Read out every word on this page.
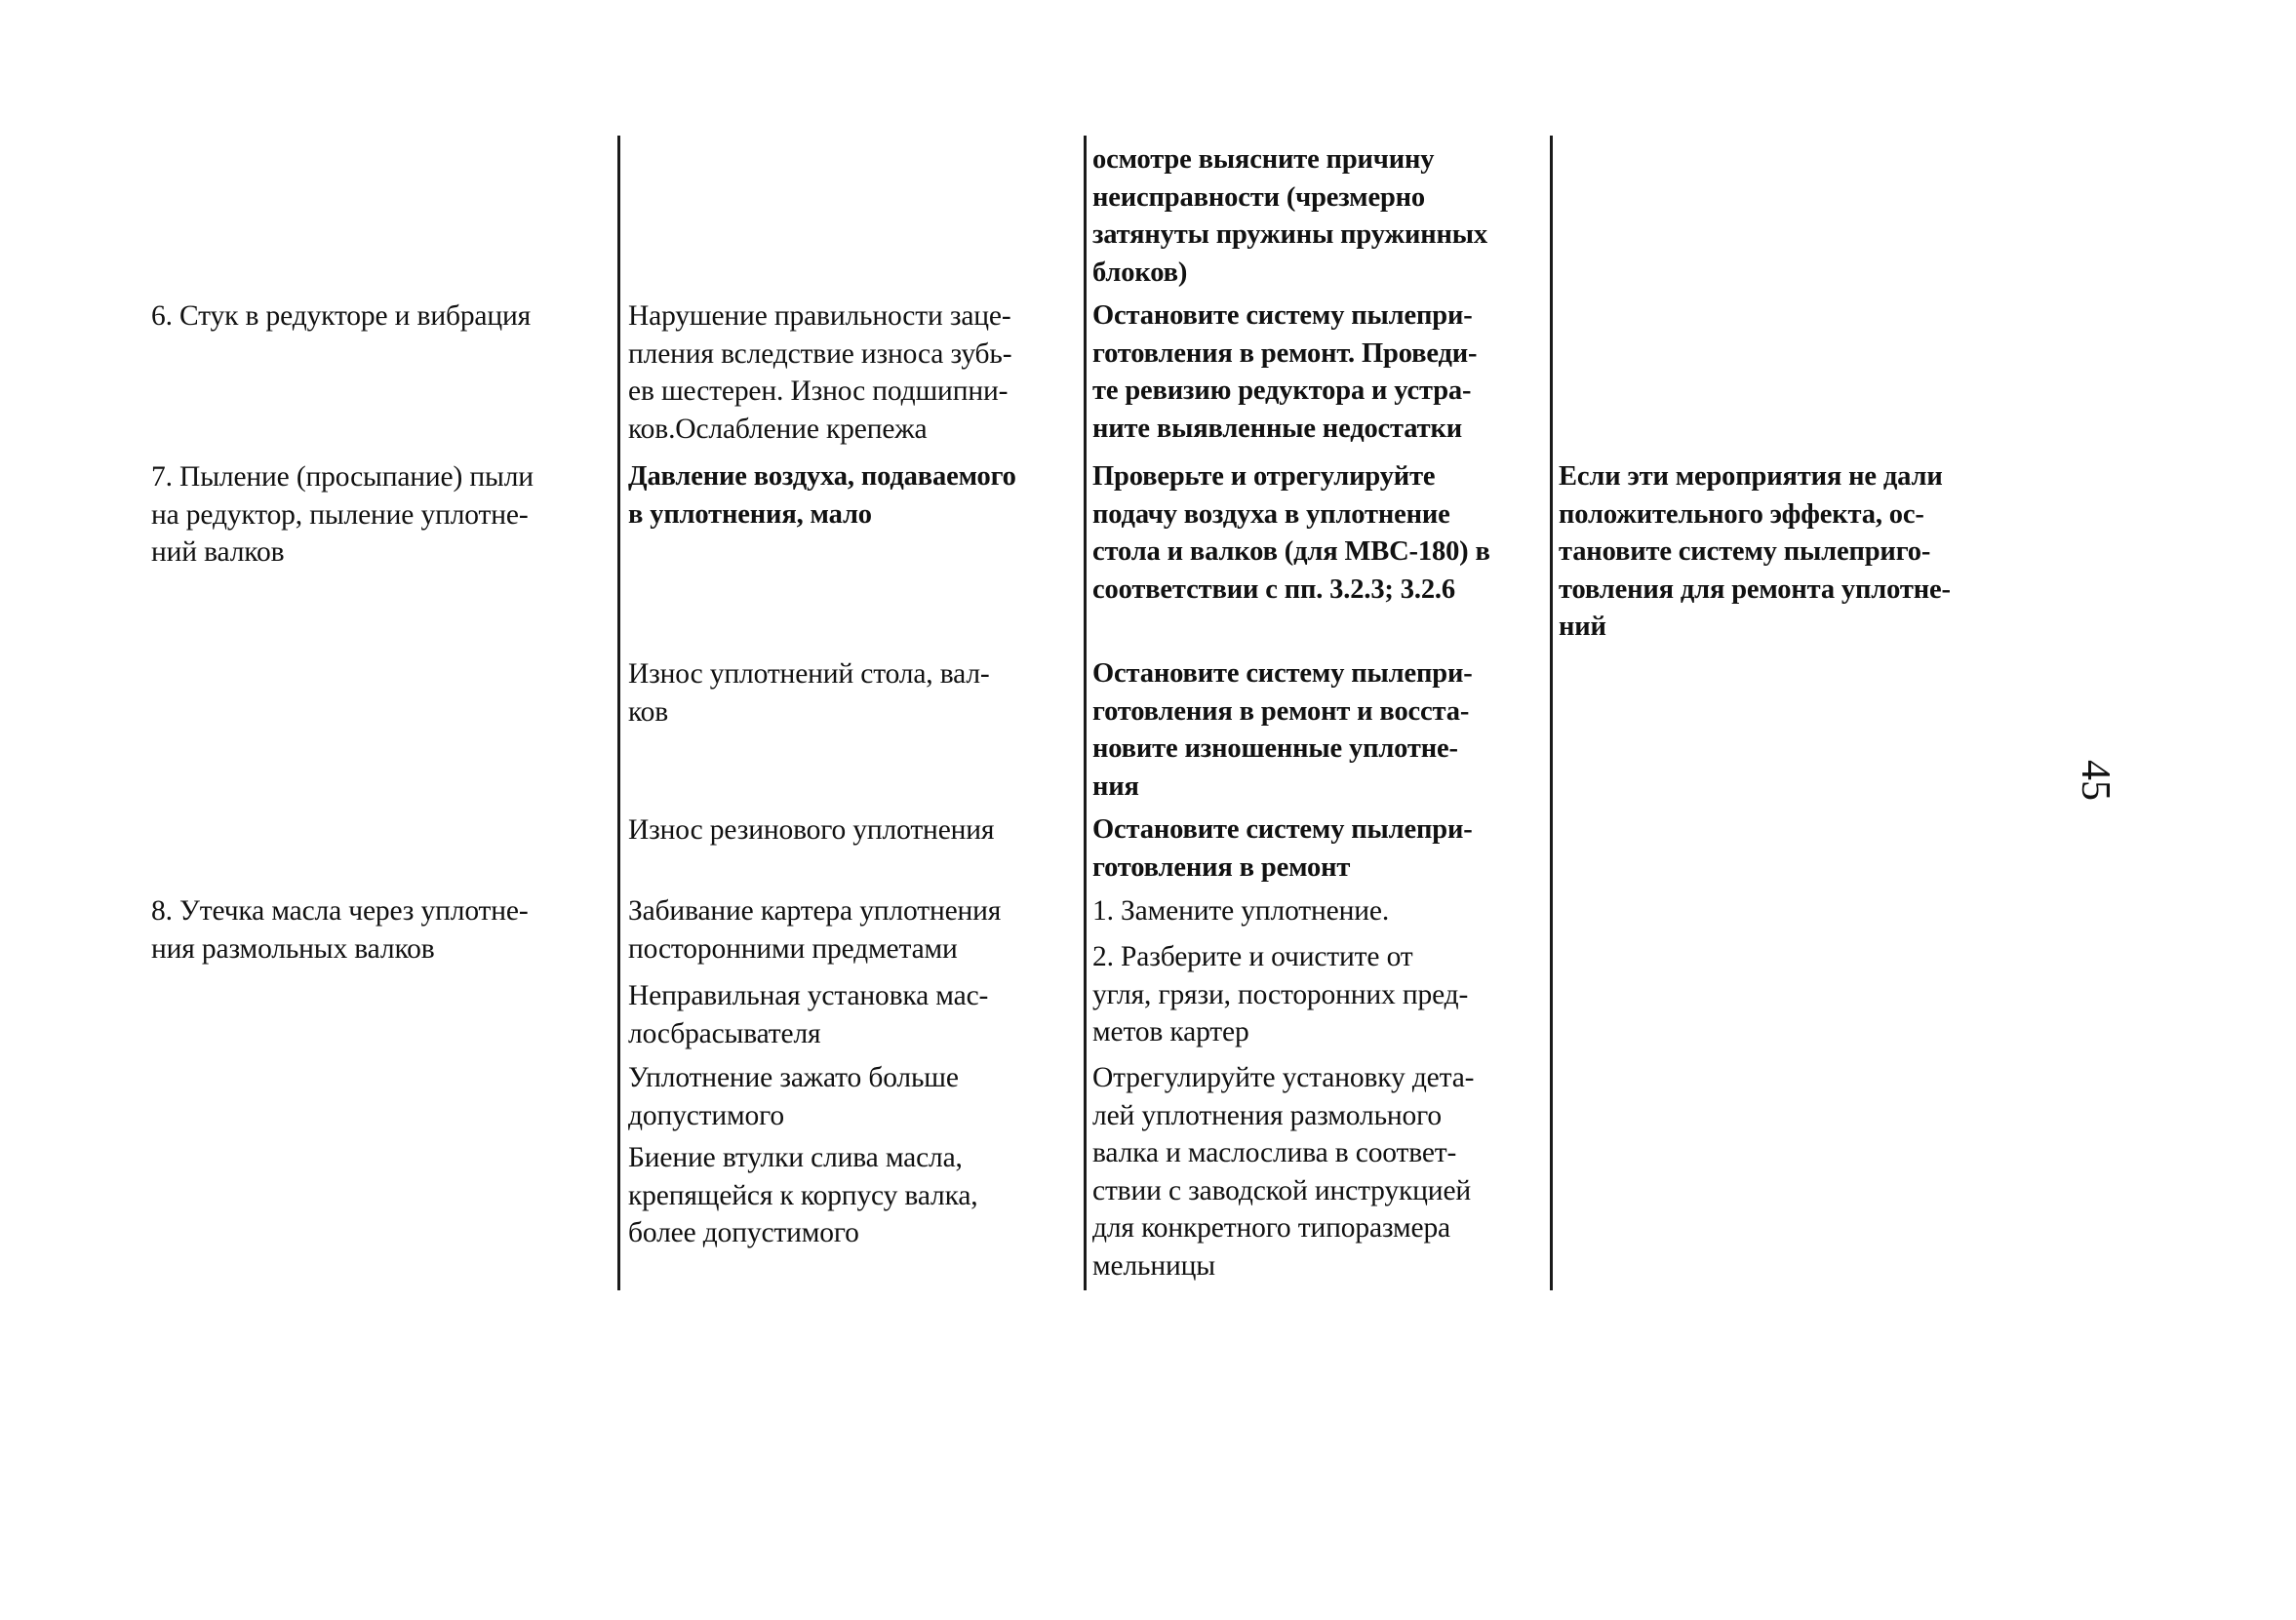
6. Стук в редукторе и вибрация
7. Пыление (просыпание) пыли
на редуктор, пыление уплотне-
ний валков
8. Утечка масла через уплотне-
ния размольных валков
Нарушение правильности заце-
пления вследствие износа зубь-
ев шестерен. Износ подшипни-
ков.Ослабление крепежа
Давление воздуха, подаваемого
в уплотнения, мало
Износ уплотнений стола, вал-
ков
Износ резинового уплотнения
Забивание картера уплотнения
посторонними предметами
Неправильная установка мас-
лосбрасывателя
Уплотнение зажато больше
допустимого
Биение втулки слива масла,
крепящейся к корпусу валка,
более допустимого
осмотре выясните причину
неисправности (чрезмерно
затянуты пружины пружинных
блоков)
Остановите систему пылепри-
готовления в ремонт. Проведи-
те ревизию редуктора и устра-
ните выявленные недостатки
Проверьте и отрегулируйте
подачу воздуха в уплотнение
стола и валков (для МВС-180) в
соответствии с пп. 3.2.3; 3.2.6
Остановите систему пылепри-
готовления в ремонт и восста-
новите изношенные уплотне-
ния
Остановите систему пылепри-
готовления в ремонт
1. Замените уплотнение.
2. Разберите и очистите от
угля, грязи, посторонних пред-
метов картер
Отрегулируйте установку дета-
лей уплотнения размольного
валка и маслослива в соответ-
ствии с заводской инструкцией
для конкретного типоразмера
мельницы
Если эти мероприятия не дали
положительного эффекта, ос-
тановите систему пылеприго-
товления для ремонта уплотне-
ний
45
